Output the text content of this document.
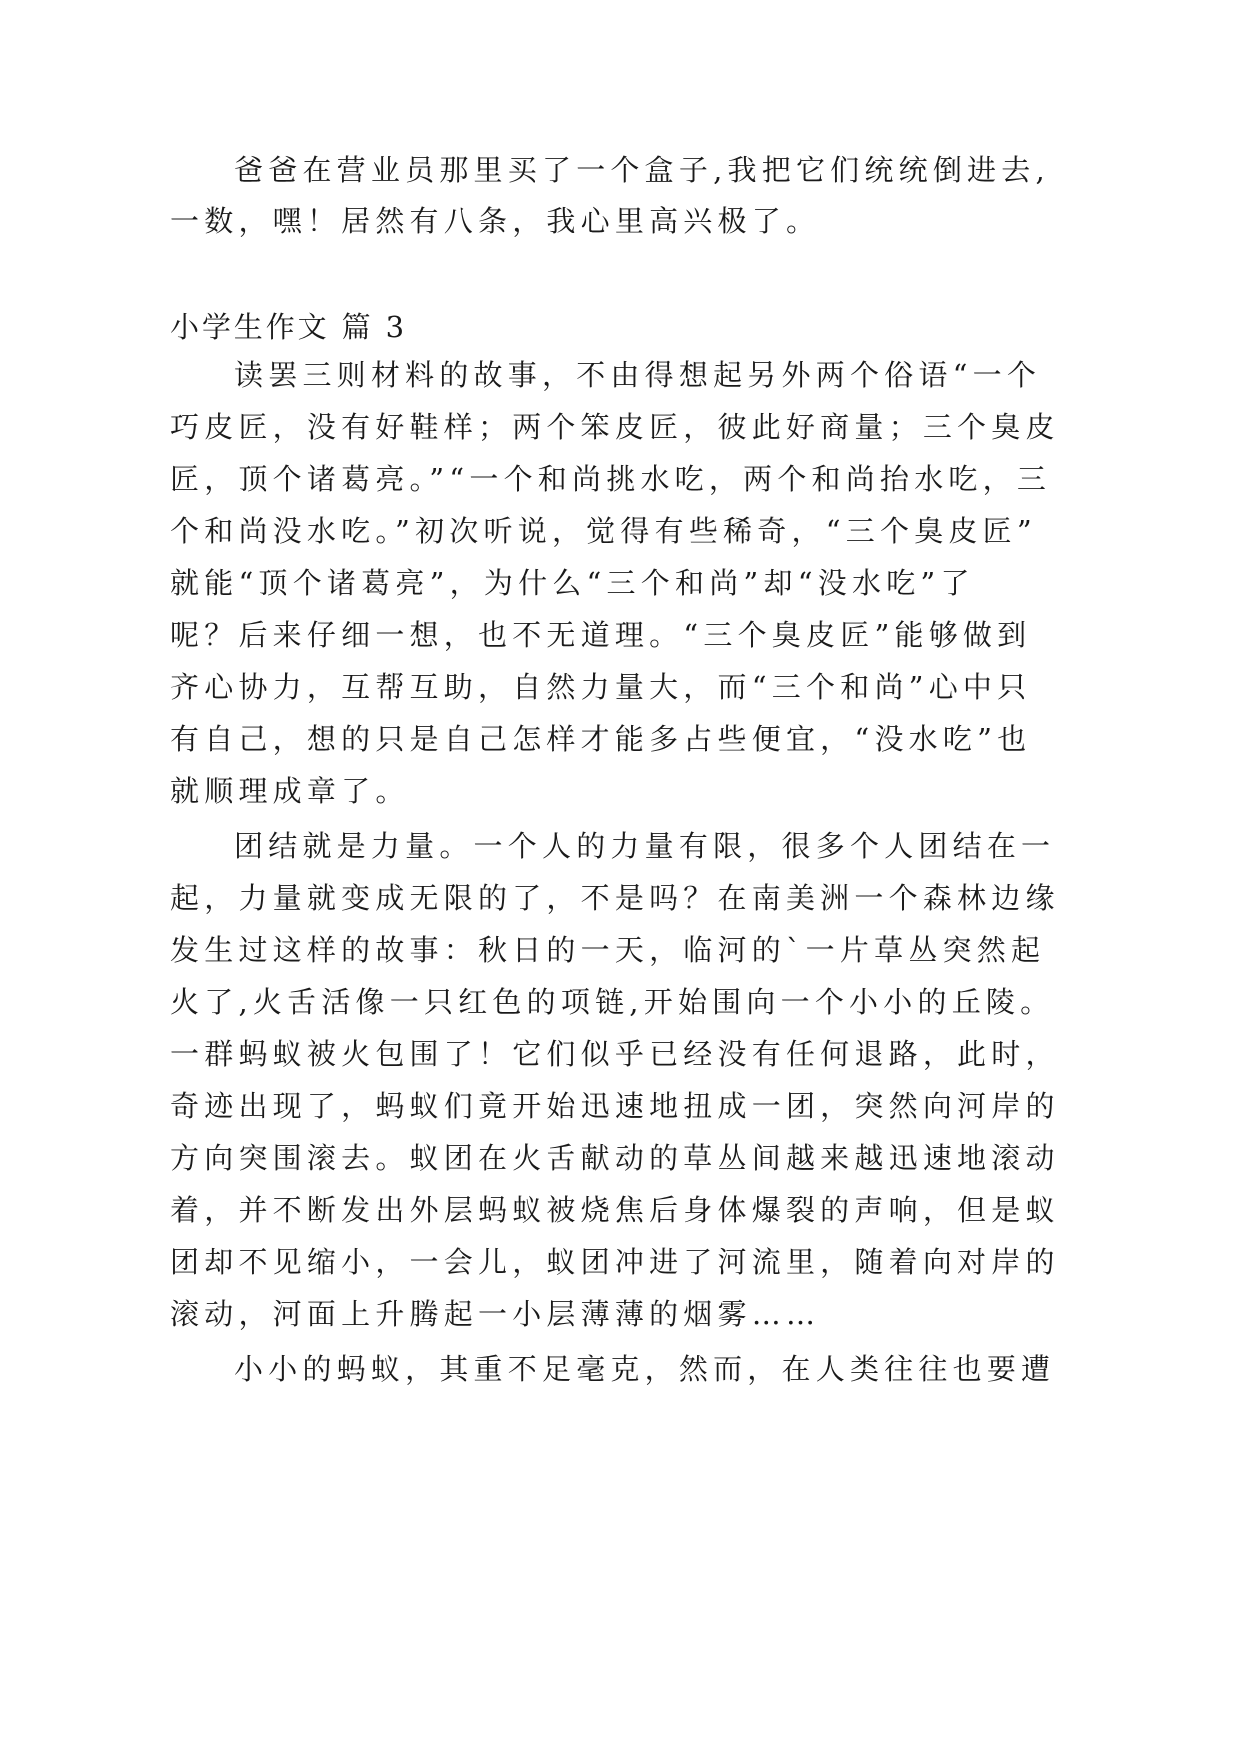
爸爸在营业员那里买了一个盒子,我把它们统统倒进去,
一数，嘿！居然有八条，我心里高兴极了。
小学生作文 篇 3
读罢三则材料的故事，不由得想起另外两个俗语“一个
巧皮匠，没有好鞋样；两个笨皮匠，彼此好商量；三个臭皮
匠，顶个诸葛亮。”“一个和尚挑水吃，两个和尚抬水吃，三
个和尚没水吃。”初次听说，觉得有些稀奇，“三个臭皮匠”
就能“顶个诸葛亮”，为什么“三个和尚”却“没水吃”了
呢？后来仔细一想，也不无道理。“三个臭皮匠”能够做到
齐心协力，互帮互助，自然力量大，而“三个和尚”心中只
有自己，想的只是自己怎样才能多占些便宜，“没水吃”也
就顺理成章了。
团结就是力量。一个人的力量有限，很多个人团结在一
起，力量就变成无限的了，不是吗？在南美洲一个森林边缘
发生过这样的故事：秋日的一天，临河的`一片草丛突然起
火了,火舌活像一只红色的项链,开始围向一个小小的丘陵。
一群蚂蚁被火包围了！它们似乎已经没有任何退路，此时，
奇迹出现了，蚂蚁们竟开始迅速地扭成一团，突然向河岸的
方向突围滚去。蚁团在火舌献动的草丛间越来越迅速地滚动
着，并不断发出外层蚂蚁被烧焦后身体爆裂的声响，但是蚁
团却不见缩小，一会儿，蚁团冲进了河流里，随着向对岸的
滚动，河面上升腾起一小层薄薄的烟雾……
小小的蚂蚁，其重不足毫克，然而，在人类往往也要遭
